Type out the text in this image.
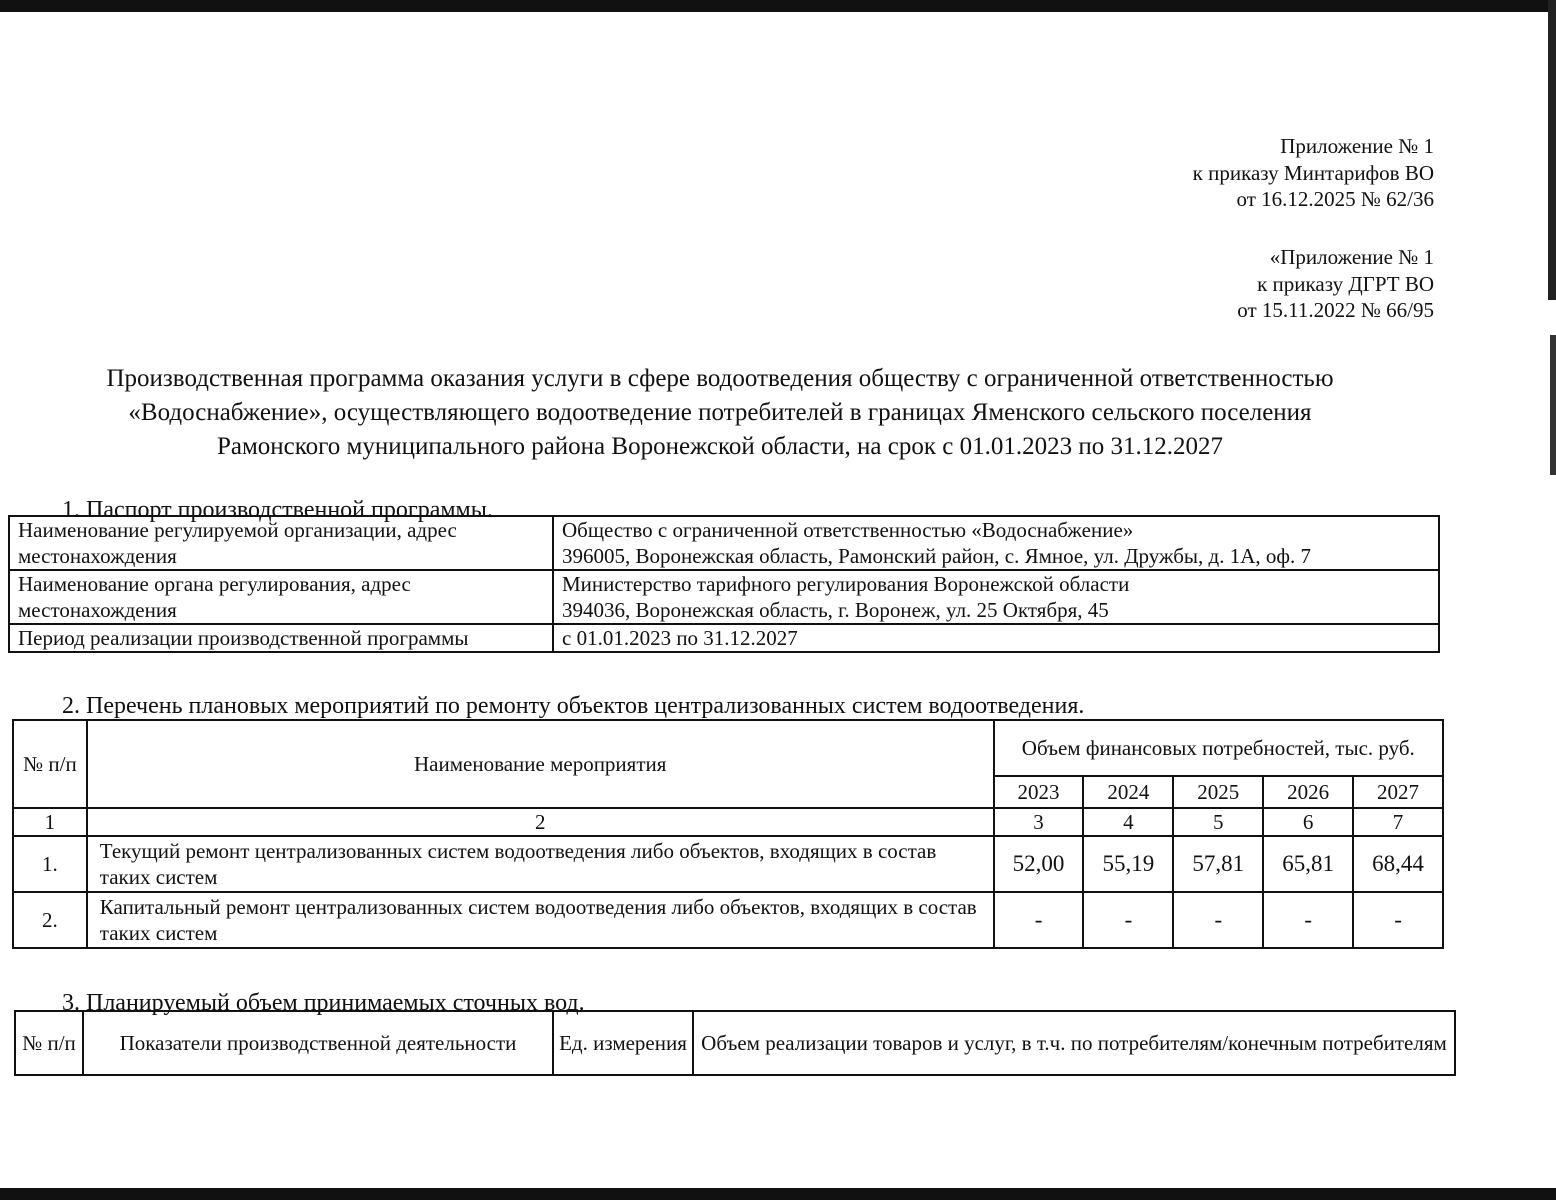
Приложение № 1
к приказу Минтарифов ВО
от 16.12.2025 № 62/36
«Приложение № 1
к приказу ДГРТ ВО
от 15.11.2022 № 66/95
Производственная программа оказания услуги в сфере водоотведения обществу с ограниченной ответственностью
«Водоснабжение», осуществляющего водоотведение потребителей в границах Яменского сельского поселения
Рамонского муниципального района Воронежской области, на срок с 01.01.2023 по 31.12.2027
1. Паспорт производственной программы.
Наименование регулируемой организации, адрес местонахождения	Общество с ограниченной ответственностью «Водоснабжение»
396005, Воронежская область, Рамонский район, с. Ямное, ул. Дружбы, д. 1А, оф. 7

Наименование органа регулирования, адрес местонахождения	Министерство тарифного регулирования Воронежской области
394036, Воронежская область, г. Воронеж, ул. 25 Октября, 45

Период реализации производственной программы	с 01.01.2023 по 31.12.2027
2. Перечень плановых мероприятий по ремонту объектов централизованных систем водоотведения.
№ п/п	Наименование мероприятия	Объем финансовых потребностей, тыс. руб.				
		2023	2024	2025	2026	2027
1	2	3	4	5	6	7
1.	Текущий ремонт централизованных систем водоотведения либо объектов, входящих в состав таких систем	52,00	55,19	57,81	65,81	68,44
2.	Капитальный ремонт централизованных систем водоотведения либо объектов, входящих в состав таких систем	-	-	-	-	-
3. Планируемый объем принимаемых сточных вод.
№ п/п	Показатели производственной деятельности	Ед. измерения	Объем реализации товаров и услуг, в т.ч. по потребителям/конечным потребителям
